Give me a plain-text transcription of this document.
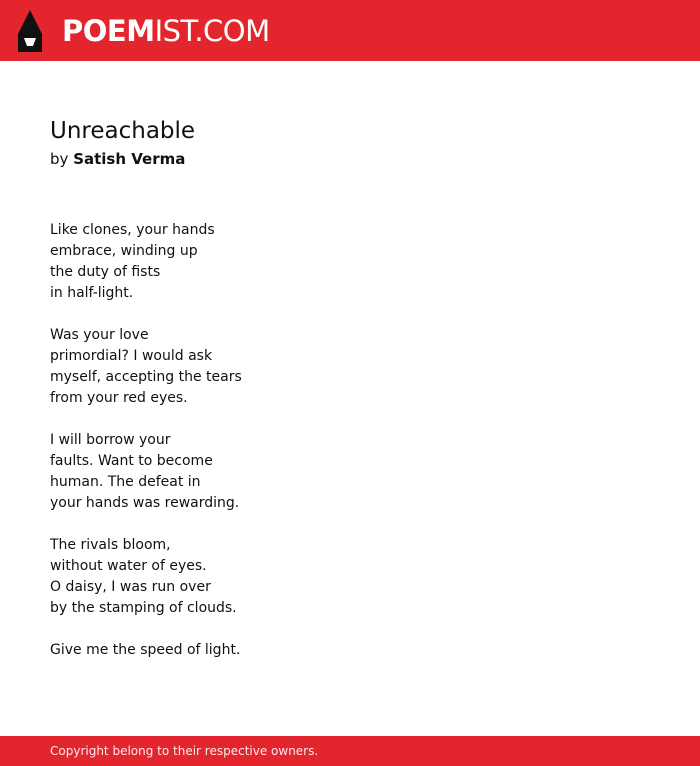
POEMIST.COM
Unreachable
by Satish Verma

Like clones, your hands
embrace, winding up
the duty of fists
in half-light.

Was your love
primordial? I would ask
myself, accepting the tears
from your red eyes.

I will borrow your
faults. Want to become
human. The defeat in
your hands was rewarding.

The rivals bloom,
without water of eyes.
O daisy, I was run over
by the stamping of clouds.

Give me the speed of light.

Copyright belong to their respective owners.
